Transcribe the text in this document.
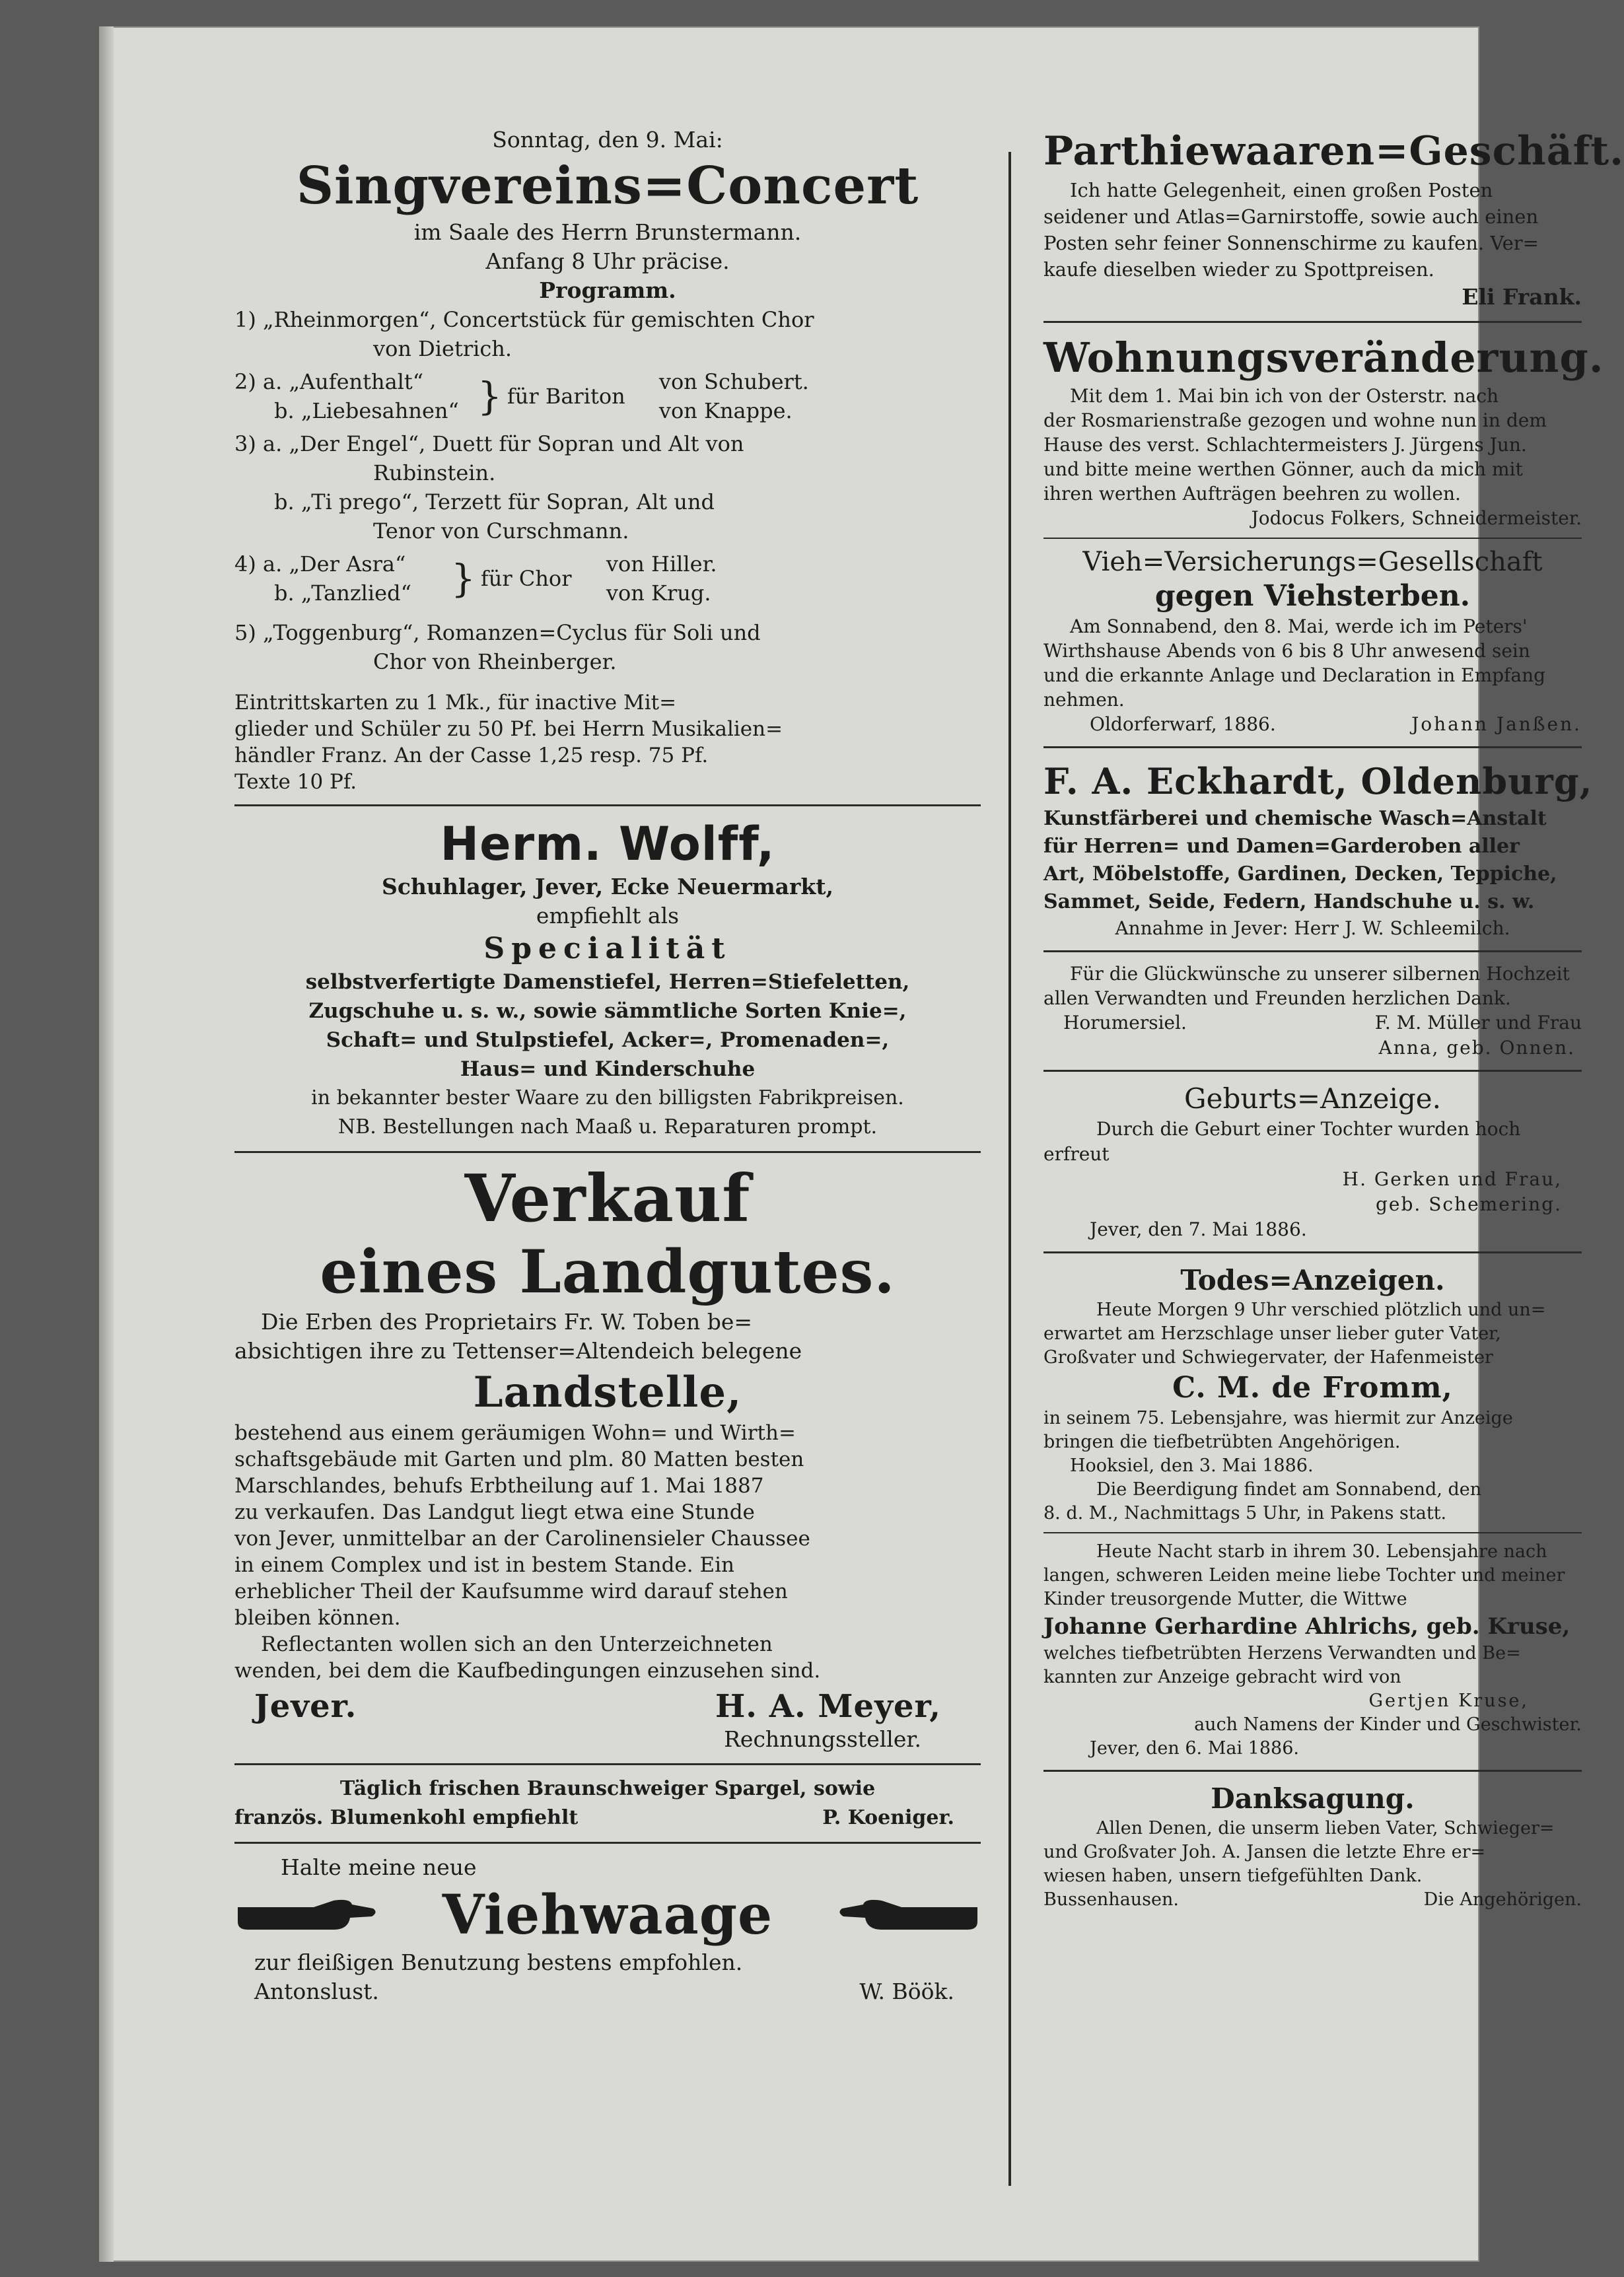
Sonntag, den 9. Mai:
Singvereins=Concert
im Saale des Herrn Brunstermann.
Anfang 8 Uhr präcise.
Programm.
1) „Rheinmorgen“, Concertstück für gemischten Chor
von Dietrich.
2) a. „Aufenthalt“
b. „Liebesahnen“ } für Bariton
von Schubert.
von Knappe.
3) a. „Der Engel“, Duett für Sopran und Alt von
Rubinstein.
b. „Ti prego“, Terzett für Sopran, Alt und
Tenor von Curschmann.
4) a. „Der Asra“
b. „Tanzlied“	} für Chor
von Hiller.
von Krug.
5) „Toggenburg“, Romanzen=Cyclus für Soli und
Chor von Rheinberger.
Eintrittskarten zu 1 Mk., für inactive Mit=
glieder und Schüler zu 50 Pf. bei Herrn Musikalien=
händler Franz. An der Casse 1,25 resp. 75 Pf.
Texte 10 Pf.
Herm. Wolff,
Schuhlager, Jever, Ecke Neuermarkt,
empfiehlt als
Specialität
selbstverfertigte Damenstiefel, Herren=Stiefeletten,
Zugschuhe u. s. w., sowie sämmtliche Sorten Knie=,
Schaft= und Stulpstiefel, Acker=, Promenaden=,
Haus= und Kinderschuhe
in bekannter bester Waare zu den billigsten Fabrikpreisen.
NB. Bestellungen nach Maaß u. Reparaturen prompt.
Verkauf
eines Landgutes.
Die Erben des Proprietairs Fr. W. Toben be=
absichtigen ihre zu Tettenser=Altendeich belegene
Landstelle,
bestehend aus einem geräumigen Wohn= und Wirth=
schaftsgebäude mit Garten und plm. 80 Matten besten
Marschlandes, behufs Erbtheilung auf 1. Mai 1887
zu verkaufen. Das Landgut liegt etwa eine Stunde
von Jever, unmittelbar an der Carolinensieler Chaussee
in einem Complex und ist in bestem Stande. Ein
erheblicher Theil der Kaufsumme wird darauf stehen
bleiben können.
Reflectanten wollen sich an den Unterzeichneten
wenden, bei dem die Kaufbedingungen einzusehen sind.
Jever.	H. A. Meyer,
Rechnungssteller.
Täglich frischen Braunschweiger Spargel, sowie
französ. Blumenkohl empfiehlt	P. Koeniger.
Halte meine neue
Viehwaage
zur fleißigen Benutzung bestens empfohlen.
Antonslust.	W. Böök.
Parthiewaaren=Geschäft.
Ich hatte Gelegenheit, einen großen Posten
seidener und Atlas=Garnirstoffe, sowie auch einen
Posten sehr feiner Sonnenschirme zu kaufen. Ver=
kaufe dieselben wieder zu Spottpreisen.
Eli Frank.
Wohnungsveränderung.
Mit dem 1. Mai bin ich von der Osterstr. nach
der Rosmarienstraße gezogen und wohne nun in dem
Hause des verst. Schlachtermeisters J. Jürgens Jun.
und bitte meine werthen Gönner, auch da mich mit
ihren werthen Aufträgen beehren zu wollen.
Jodocus Folkers, Schneidermeister.
Vieh=Versicherungs=Gesellschaft
gegen Viehsterben.
Am Sonnabend, den 8. Mai, werde ich im Peters'
Wirthshause Abends von 6 bis 8 Uhr anwesend sein
und die erkannte Anlage und Declaration in Empfang
nehmen.
Oldorferwarf, 1886.	Johann Janßen.
F. A. Eckhardt, Oldenburg,
Kunstfärberei und chemische Wasch=Anstalt
für Herren= und Damen=Garderoben aller
Art, Möbelstoffe, Gardinen, Decken, Teppiche,
Sammet, Seide, Federn, Handschuhe u. s. w.
Annahme in Jever: Herr J. W. Schleemilch.
Für die Glückwünsche zu unserer silbernen Hochzeit
allen Verwandten und Freunden herzlichen Dank.
Horumersiel.	F. M. Müller und Frau
Anna, geb. Onnen.
Geburts=Anzeige.
Durch die Geburt einer Tochter wurden hoch
erfreut
H. Gerken und Frau,
geb. Schemering.
Jever, den 7. Mai 1886.
Todes=Anzeigen.
Heute Morgen 9 Uhr verschied plötzlich und un=
erwartet am Herzschlage unser lieber guter Vater,
Großvater und Schwiegervater, der Hafenmeister
C. M. de Fromm,
in seinem 75. Lebensjahre, was hiermit zur Anzeige
bringen die tiefbetrübten Angehörigen.
Hooksiel, den 3. Mai 1886.
Die Beerdigung findet am Sonnabend, den
8. d. M., Nachmittags 5 Uhr, in Pakens statt.
Heute Nacht starb in ihrem 30. Lebensjahre nach
langen, schweren Leiden meine liebe Tochter und meiner
Kinder treusorgende Mutter, die Wittwe
Johanne Gerhardine Ahlrichs, geb. Kruse,
welches tiefbetrübten Herzens Verwandten und Be=
kannten zur Anzeige gebracht wird von
Gertjen Kruse,
auch Namens der Kinder und Geschwister.
Jever, den 6. Mai 1886.
Danksagung.
Allen Denen, die unserm lieben Vater, Schwieger=
und Großvater Joh. A. Jansen die letzte Ehre er=
wiesen haben, unsern tiefgefühlten Dank.
Bussenhausen.	Die Angehörigen.
